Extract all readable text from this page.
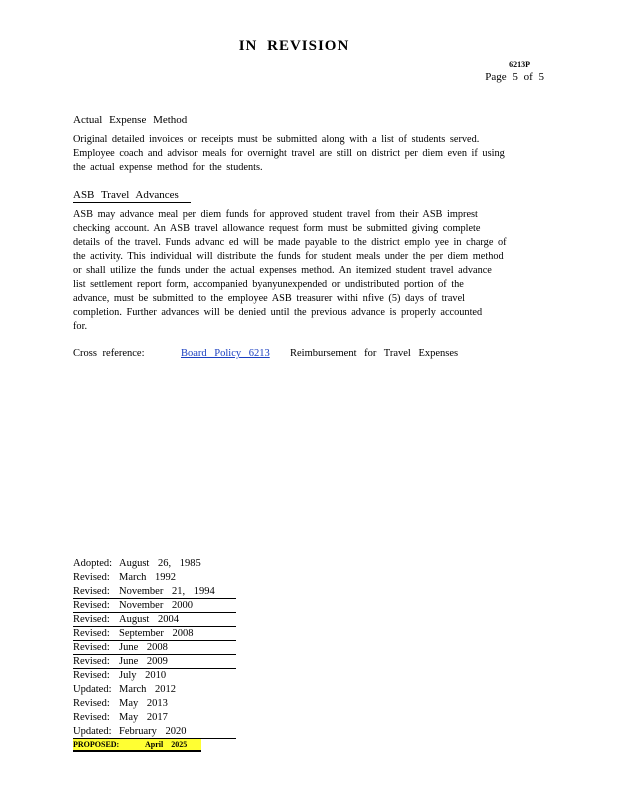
IN REVISION
6213P
Page 5 of 5
Actual Expense Method
Original detailed invoices or receipts must be submitted along with a list of students served.
Employee coach and advisor meals for overnight travel are still on district per diem even if using
the actual expense method for the students.
ASB Travel Advances
ASB may advance meal per diem funds for approved student travel from their ASB imprest
checking account. An ASB travel allowance request form must be submitted giving complete
details of the travel. Funds advanc ed will be made payable to the district emplo yee in charge of
the activity. This individual will distribute the funds for student meals under the per diem method
or shall utilize the funds under the actual expenses method. An itemized student travel advance
list settlement report form, accompanied byanyunexpended or undistributed portion of the
advance, must be submitted to the employee ASB treasurer withi nfive (5) days of travel
completion. Further advances will be denied until the previous advance is properly accounted
for.
Cross reference:	Board Policy 6213 Reimbursement for Travel Expenses
Adopted: August 26, 1985
Revised: March 1992
Revised: November 21, 1994
Revised: November 2000
Revised: August 2004
Revised: September 2008
Revised: June 2008
Revised: June 2009
Revised: July 2010
Updated: March 2012
Revised: May 2013
Revised: May 2017
Updated: February 2020
PROPOSED:	April 2025
